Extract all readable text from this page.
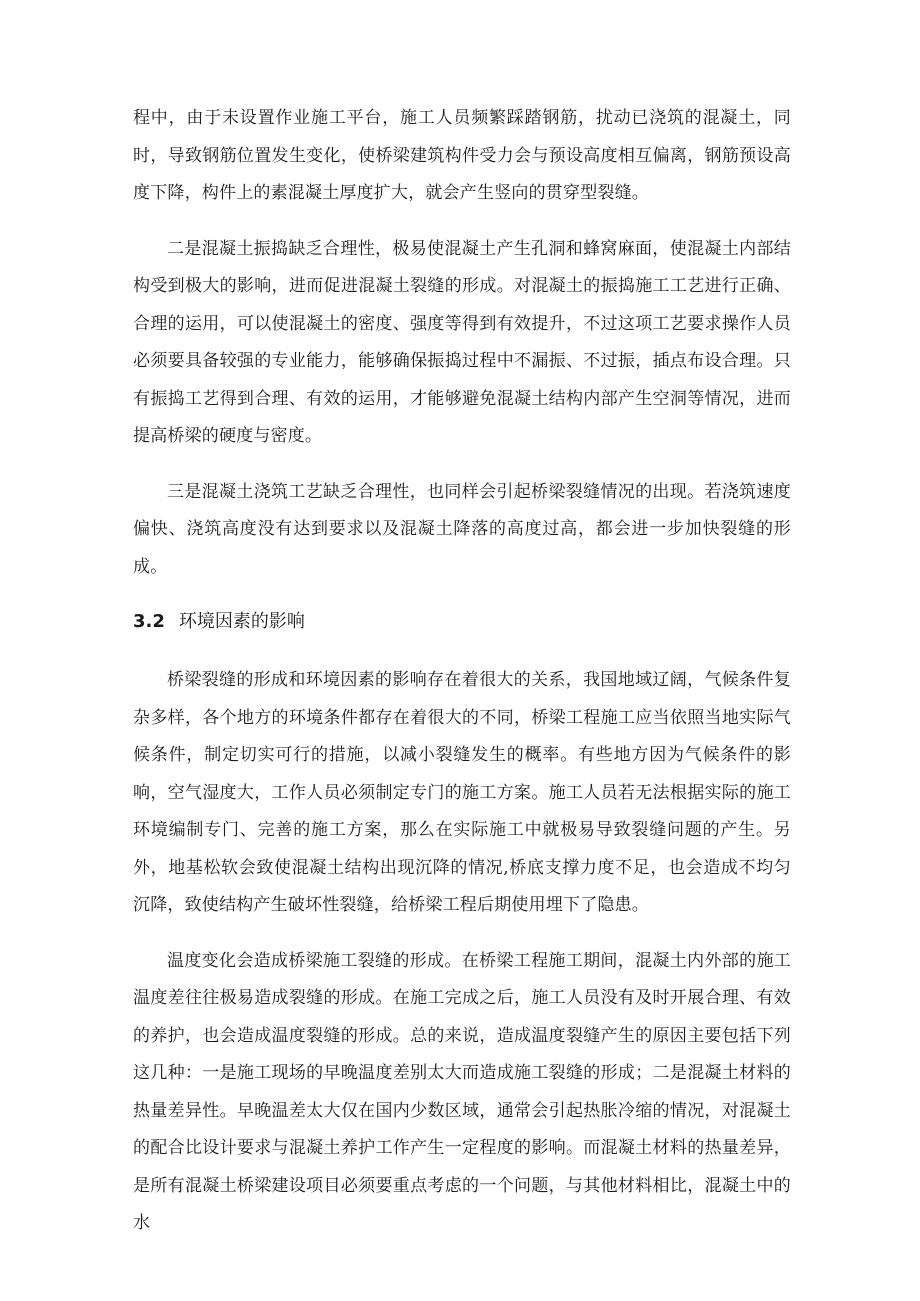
程中，由于未设置作业施工平台，施工人员频繁踩踏钢筋，扰动已浇筑的混凝土，同时，导致钢筋位置发生变化，使桥梁建筑构件受力会与预设高度相互偏离，钢筋预设高度下降，构件上的素混凝土厚度扩大，就会产生竖向的贯穿型裂缝。

二是混凝土振捣缺乏合理性，极易使混凝土产生孔洞和蜂窝麻面，使混凝土内部结构受到极大的影响，进而促进混凝土裂缝的形成。对混凝土的振捣施工工艺进行正确、合理的运用，可以使混凝土的密度、强度等得到有效提升，不过这项工艺要求操作人员必须要具备较强的专业能力，能够确保振捣过程中不漏振、不过振，插点布设合理。只有振捣工艺得到合理、有效的运用，才能够避免混凝土结构内部产生空洞等情况，进而提高桥梁的硬度与密度。

三是混凝土浇筑工艺缺乏合理性，也同样会引起桥梁裂缝情况的出现。若浇筑速度偏快、浇筑高度没有达到要求以及混凝土降落的高度过高，都会进一步加快裂缝的形成。

3.2 环境因素的影响

桥梁裂缝的形成和环境因素的影响存在着很大的关系，我国地域辽阔，气候条件复杂多样，各个地方的环境条件都存在着很大的不同，桥梁工程施工应当依照当地实际气候条件，制定切实可行的措施，以减小裂缝发生的概率。有些地方因为气候条件的影响，空气湿度大，工作人员必须制定专门的施工方案。施工人员若无法根据实际的施工环境编制专门、完善的施工方案，那么在实际施工中就极易导致裂缝问题的产生。另外，地基松软会致使混凝土结构出现沉降的情况,桥底支撑力度不足，也会造成不均匀沉降，致使结构产生破坏性裂缝，给桥梁工程后期使用埋下了隐患。

温度变化会造成桥梁施工裂缝的形成。在桥梁工程施工期间，混凝土内外部的施工温度差往往极易造成裂缝的形成。在施工完成之后，施工人员没有及时开展合理、有效的养护，也会造成温度裂缝的形成。总的来说，造成温度裂缝产生的原因主要包括下列这几种：一是施工现场的早晚温度差别太大而造成施工裂缝的形成；二是混凝土材料的热量差异性。早晚温差太大仅在国内少数区域，通常会引起热胀冷缩的情况，对混凝土的配合比设计要求与混凝土养护工作产生一定程度的影响。而混凝土材料的热量差异，是所有混凝土桥梁建设项目必须要重点考虑的一个问题，与其他材料相比，混凝土中的水
